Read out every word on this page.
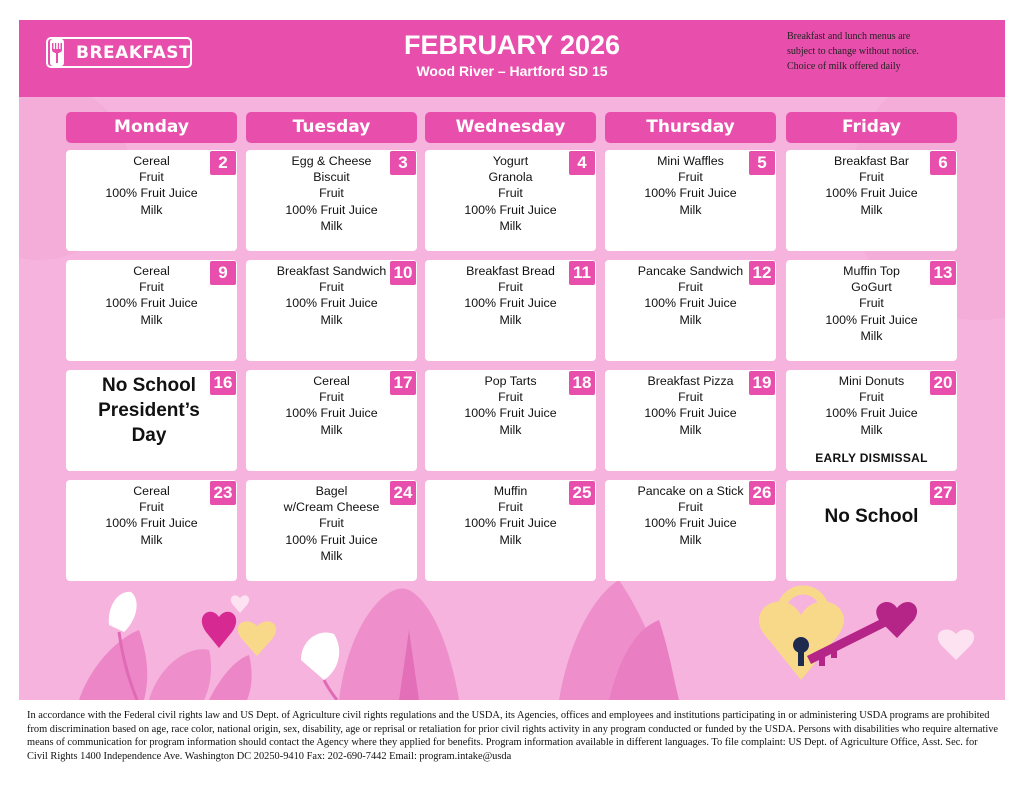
BREAKFAST	FEBRUARY 2026
Wood River – Hartford SD 15
Breakfast and lunch menus are
subject to change without notice.
Choice of milk offered daily
Monday	Tuesday	Wednesday	Thursday	Friday
2
Cereal
Fruit
100% Fruit Juice
Milk
3
Egg & Cheese
Biscuit
Fruit
100% Fruit Juice
Milk
4
Yogurt
Granola
Fruit
100% Fruit Juice
Milk
5
Mini Waffles
Fruit
100% Fruit Juice
Milk
6
Breakfast Bar
Fruit
100% Fruit Juice
Milk
9
Cereal
Fruit
100% Fruit Juice
Milk
10
Breakfast Sandwich
Fruit
100% Fruit Juice
Milk
11
Breakfast Bread
Fruit
100% Fruit Juice
Milk
12
Pancake Sandwich
Fruit
100% Fruit Juice
Milk
13
Muffin Top
GoGurt
Fruit
100% Fruit Juice
Milk
16
No School
President’s
Day
17
Cereal
Fruit
100% Fruit Juice
Milk
18
Pop Tarts
Fruit
100% Fruit Juice
Milk
19
Breakfast Pizza
Fruit
100% Fruit Juice
Milk
20
Mini Donuts
Fruit
100% Fruit Juice
Milk
EARLY DISMISSAL
23
Cereal
Fruit
100% Fruit Juice
Milk
24
Bagel
w/Cream Cheese
Fruit
100% Fruit Juice
Milk
25
Muffin
Fruit
100% Fruit Juice
Milk
26
Pancake on a Stick
Fruit
100% Fruit Juice
Milk
27
No School
In accordance with the Federal civil rights law and US Dept. of Agriculture civil rights regulations and the USDA, its Agencies, offices and employees and institutions participating in or administering USDA programs are prohibited from discrimination based on age, race color, national origin, sex, disability, age or reprisal or retaliation for prior civil rights activity in any program conducted or funded by the USDA. Persons with disabilities who require alternative means of communication for program information should contact the Agency where they applied for benefits. Program information available in different languages. To file complaint: US Dept. of Agriculture Office, Asst. Sec. for Civil Rights 1400 Independence Ave. Washington DC 20250-9410 Fax: 202-690-7442 Email: program.intake@usda
